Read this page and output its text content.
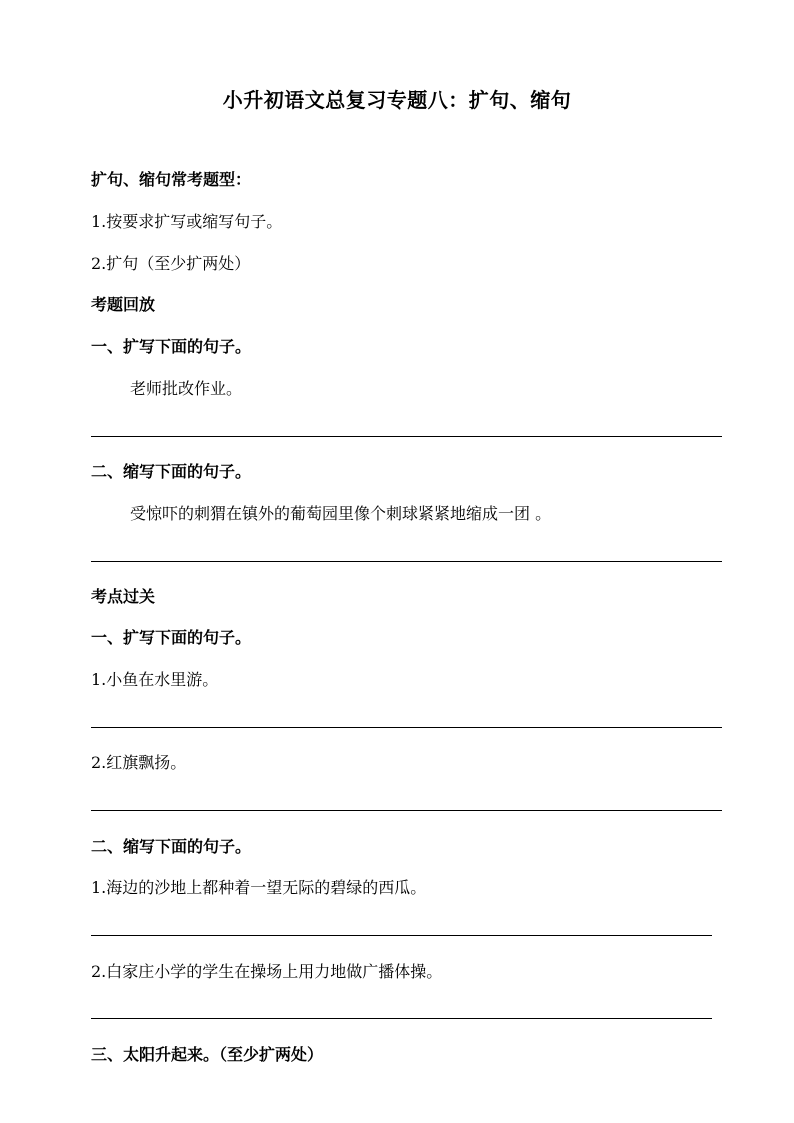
小升初语文总复习专题八：扩句、缩句

扩句、缩句常考题型：

1.按要求扩写或缩写句子。

2.扩句（至少扩两处）

考题回放

一、扩写下面的句子。

老师批改作业。

二、缩写下面的句子。

受惊吓的刺猬在镇外的葡萄园里像个刺球紧紧地缩成一团 。

考点过关

一、扩写下面的句子。

1.小鱼在水里游。

2.红旗飘扬。

二、缩写下面的句子。

1.海边的沙地上都种着一望无际的碧绿的西瓜。

2.白家庄小学的学生在操场上用力地做广播体操。

三、太阳升起来。（至少扩两处）
